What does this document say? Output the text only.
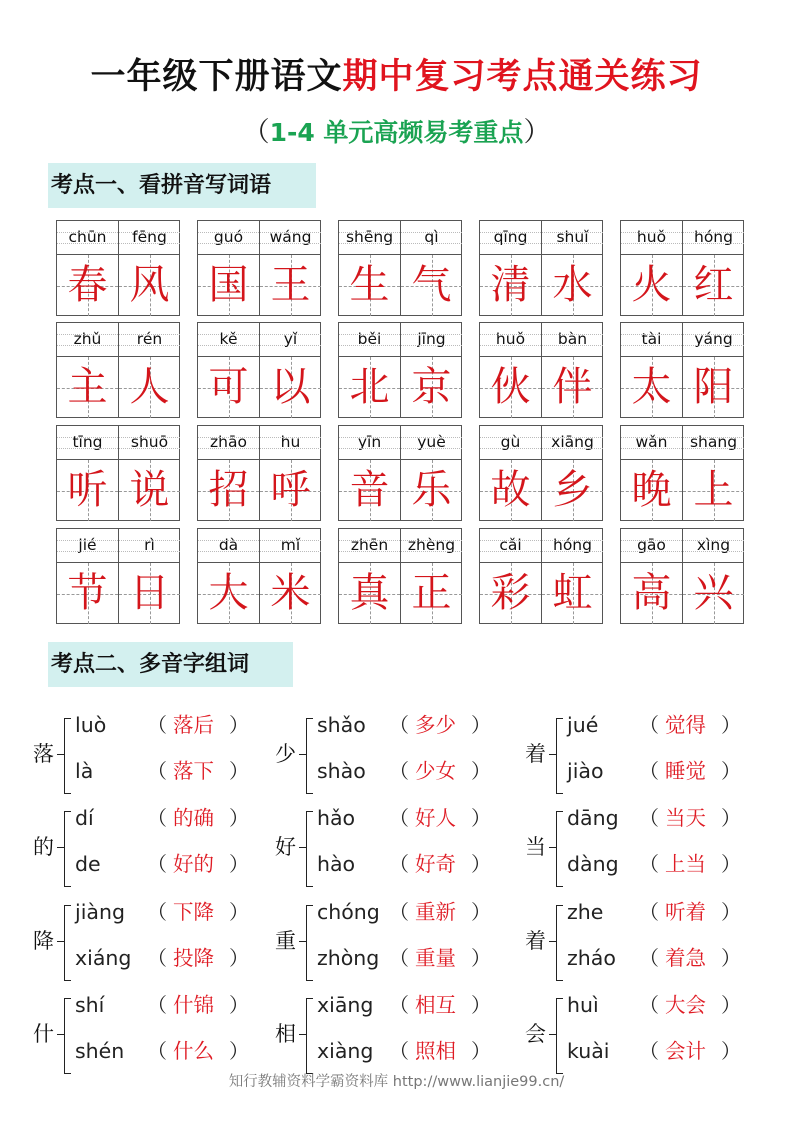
一年级下册语文期中复习考点通关练习
（1-4 单元高频易考重点）
考点一、看拼音写词语
chūn
春
fēng
风
guó
国
wáng
王
shēng
生
qì
气
qīng
清
shuǐ
水
huǒ
火
hóng
红
zhǔ
主
rén
人
kě
可
yǐ
以
běi
北
jīng
京
huǒ
伙
bàn
伴
tài
太
yáng
阳
tīng
听
shuō
说
zhāo
招
hu
呼
yīn
音
yuè
乐
gù
故
xiāng
乡
wǎn
晚
shang
上
jié
节
rì
日
dà
大
mǐ
米
zhēn
真
zhèng
正
cǎi
彩
hóng
虹
gāo
高
xìng
兴
考点二、多音字组词
落
luò （ 落后 ）
là	（ 落下 ）
少
shǎo （ 多少 ）
shào （ 少女 ）
着
jué （ 觉得 ）
jiào （ 睡觉 ）
的
dí	（ 的确 ）
de （ 好的 ）
好
hǎo （ 好人 ）
hào （ 好奇 ）
当
dāng （ 当天 ）
dàng （ 上当 ）
降
jiàng （ 下降 ）
xiáng （ 投降 ）
重
chóng （ 重新 ）
zhòng （ 重量 ）
着
zhe （ 听着 ）
zháo （ 着急 ）
什
shí （ 什锦 ）
shén （ 什么 ）
相
xiāng （ 相互 ）
xiàng （ 照相 ）
会
huì （ 大会 ）
kuài （ 会计 ）
知行教辅资料学霸资料库 http://www.lianjie99.cn/
